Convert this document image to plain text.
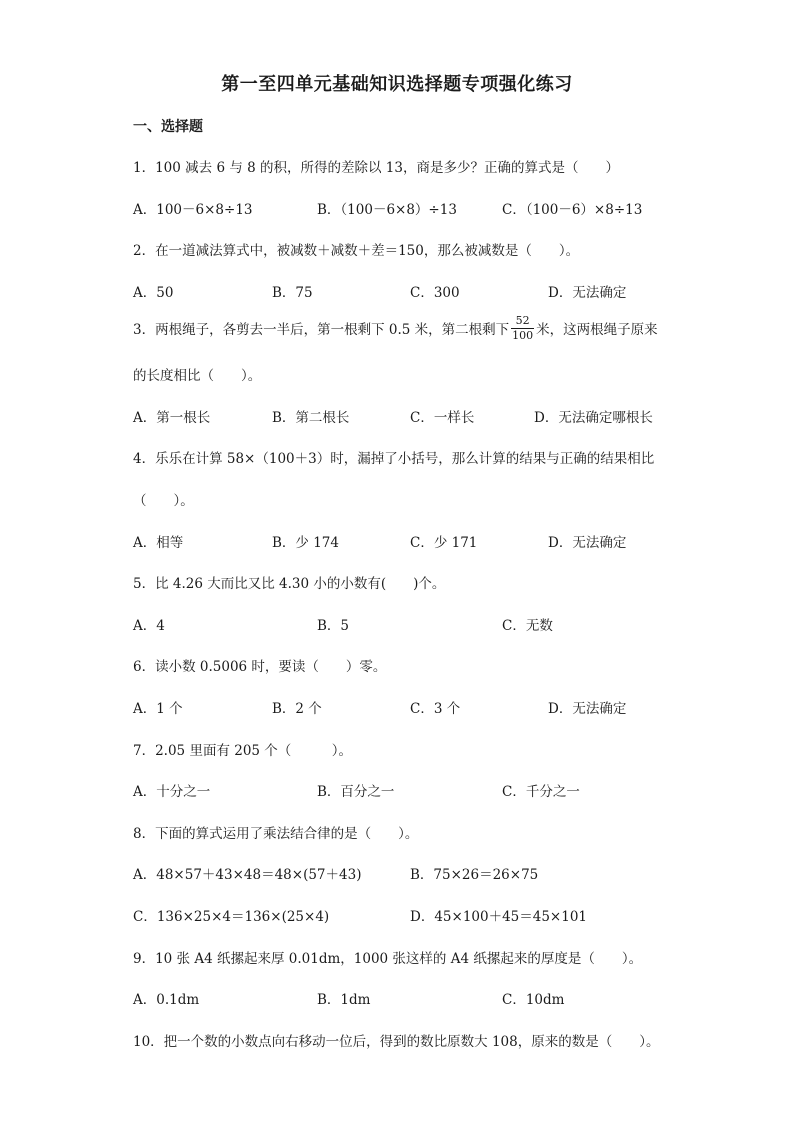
第一至四单元基础知识选择题专项强化练习
一、选择题
1．100 减去 6 与 8 的积，所得的差除以 13，商是多少？正确的算式是（　　）
A．100－6×8÷13	B．（100－6×8）÷13	C．（100－6）×8÷13
2．在一道减法算式中，被减数＋减数＋差＝150，那么被减数是（　　）。
A．50	B．75	C．300	D．无法确定
3．两根绳子，各剪去一半后，第一根剩下 0.5 米，第二根剩下 $\frac{52}{100}$ 米，这两根绳子原来
的长度相比（　　）。
A．第一根长	B．第二根长	C．一样长	D．无法确定哪根长
4．乐乐在计算 58×（100＋3）时，漏掉了小括号，那么计算的结果与正确的结果相比
（　　）。
A．相等	B．少 174	C．少 171	D．无法确定
5．比 4.26 大而比又比 4.30 小的小数有(　　)个。
A．4	B．5	C．无数
6．读小数 0.5006 时，要读（　　）零。
A．1 个	B．2 个	C．3 个	D．无法确定
7．2.05 里面有 205 个（　　　）。
A．十分之一	B．百分之一	C．千分之一
8．下面的算式运用了乘法结合律的是（　　）。
A．48×57＋43×48＝48×(57＋43)	B．75×26＝26×75
C．136×25×4＝136×(25×4)	D．45×100＋45＝45×101
9．10 张 A4 纸摞起来厚 0.01dm，1000 张这样的 A4 纸摞起来的厚度是（　　）。
A．0.1dm	B．1dm	C．10dm
10．把一个数的小数点向右移动一位后，得到的数比原数大 108，原来的数是（　　）。
